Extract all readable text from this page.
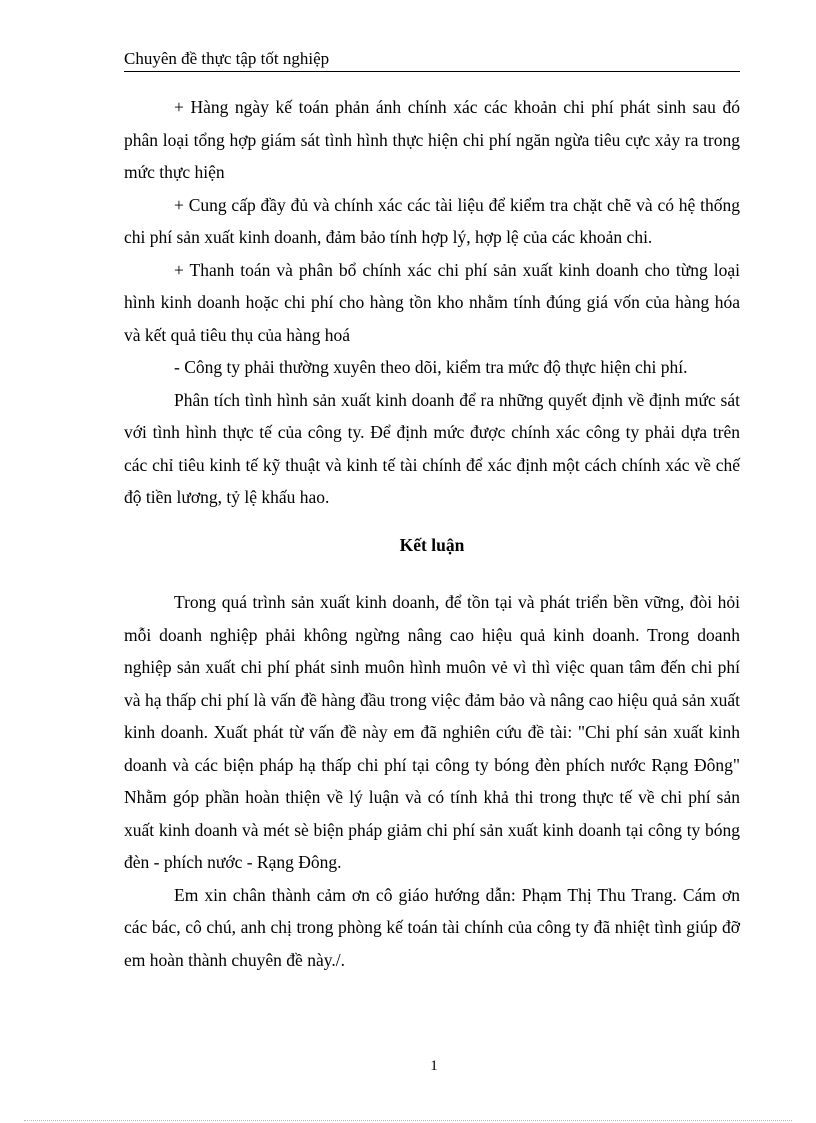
Chuyên đề thực tập tốt nghiệp

+ Hàng ngày kế toán phản ánh chính xác các khoản chi phí phát sinh sau đó phân loại tổng hợp giám sát tình hình thực hiện chi phí ngăn ngừa tiêu cực xảy ra trong mức thực hiện

+ Cung cấp đầy đủ và chính xác các tài liệu để kiểm tra chặt chẽ và có hệ thống chi phí sản xuất kinh doanh, đảm bảo tính hợp lý, hợp lệ của các khoản chi.

+ Thanh toán và phân bổ chính xác chi phí sản xuất kinh doanh cho từng loại hình kinh doanh hoặc chi phí cho hàng tồn kho nhằm tính đúng giá vốn của hàng hóa và kết quả tiêu thụ của hàng hoá

- Công ty phải thường xuyên theo dõi, kiểm tra mức độ thực hiện chi phí.

Phân tích tình hình sản xuất kinh doanh để ra những quyết định về định mức sát với tình hình thực tế của công ty. Để định mức được chính xác công ty phải dựa trên các chỉ tiêu kinh tế kỹ thuật và kinh tế tài chính để xác định một cách chính xác về chế độ tiền lương, tỷ lệ khấu hao.

Kết luận

Trong quá trình sản xuất kinh doanh, để tồn tại và phát triển bền vững, đòi hỏi mỗi doanh nghiệp phải không ngừng nâng cao hiệu quả kinh doanh. Trong doanh nghiệp sản xuất chi phí phát sinh muôn hình muôn vẻ vì thì việc quan tâm đến chi phí và hạ thấp chi phí là vấn đề hàng đầu trong việc đảm bảo và nâng cao hiệu quả sản xuất kinh doanh. Xuất phát từ vấn đề này em đã nghiên cứu đề tài: "Chi phí sản xuất kinh doanh và các biện pháp hạ thấp chi phí tại công ty bóng đèn phích nước Rạng Đông" Nhằm góp phần hoàn thiện về lý luận và có tính khả thi trong thực tế về chi phí sản xuất kinh doanh và mét sè biện pháp giảm chi phí sản xuất kinh doanh tại công ty bóng đèn - phích nước - Rạng Đông.

Em xin chân thành cảm ơn cô giáo hướng dẫn: Phạm Thị Thu Trang. Cám ơn các bác, cô chú, anh chị trong phòng kế toán tài chính của công ty đã nhiệt tình giúp đỡ em hoàn thành chuyên đề này./.

1
